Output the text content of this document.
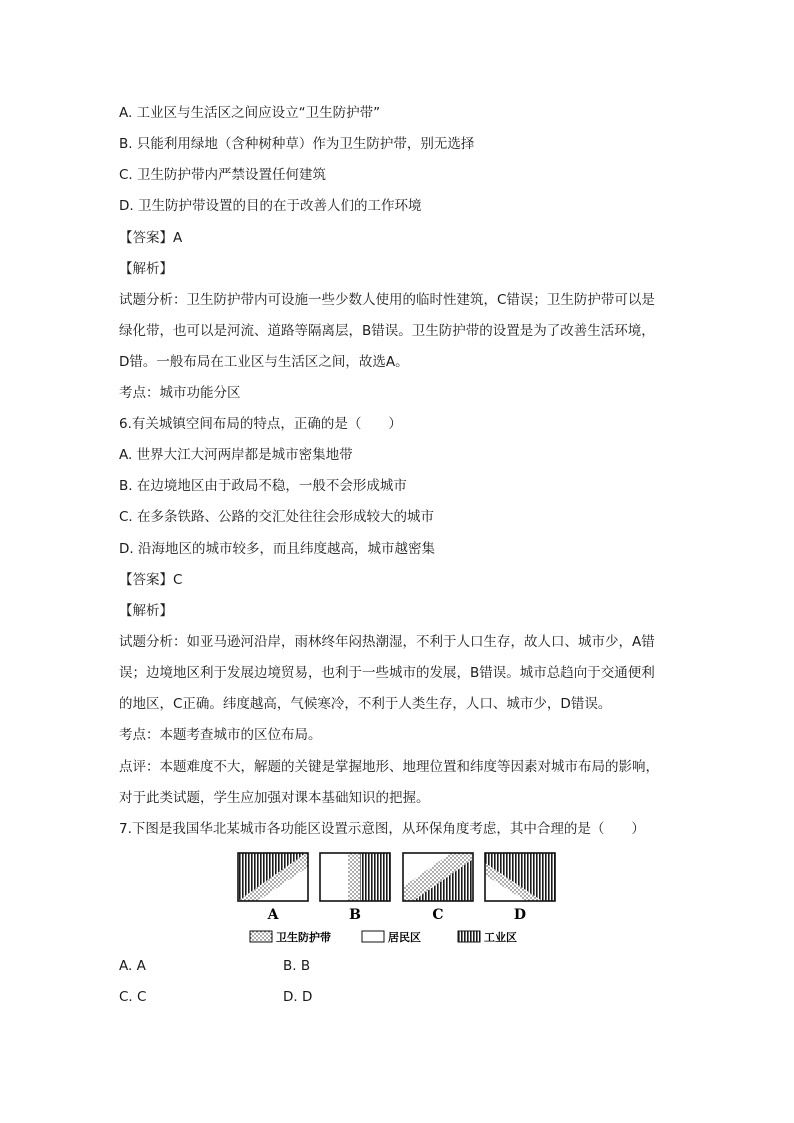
A. 工业区与生活区之间应设立“卫生防护带”
B. 只能利用绿地（含种树种草）作为卫生防护带，别无选择
C. 卫生防护带内严禁设置任何建筑
D. 卫生防护带设置的目的在于改善人们的工作环境
【答案】A
【解析】
试题分析：卫生防护带内可设施一些少数人使用的临时性建筑，C错误；卫生防护带可以是
绿化带，也可以是河流、道路等隔离层，B错误。卫生防护带的设置是为了改善生活环境，
D错。一般布局在工业区与生活区之间，故选A。
考点：城市功能分区
6.有关城镇空间布局的特点，正确的是（　　）
A. 世界大江大河两岸都是城市密集地带
B. 在边境地区由于政局不稳，一般不会形成城市
C. 在多条铁路、公路的交汇处往往会形成较大的城市
D. 沿海地区的城市较多，而且纬度越高，城市越密集
【答案】C
【解析】
试题分析：如亚马逊河沿岸，雨林终年闷热潮湿，不利于人口生存，故人口、城市少，A错
误；边境地区利于发展边境贸易，也利于一些城市的发展，B错误。城市总趋向于交通便利
的地区，C正确。纬度越高，气候寒冷，不利于人类生存，人口、城市少，D错误。
考点：本题考查城市的区位布局。
点评：本题难度不大，解题的关键是掌握地形、地理位置和纬度等因素对城市布局的影响，
对于此类试题，学生应加强对课本基础知识的把握。
7.下图是我国华北某城市各功能区设置示意图，从环保角度考虑，其中合理的是（　　）
A	B	C	D
卫生防护带	居民区	工业区
A. A	B. B
C. C	D. D
